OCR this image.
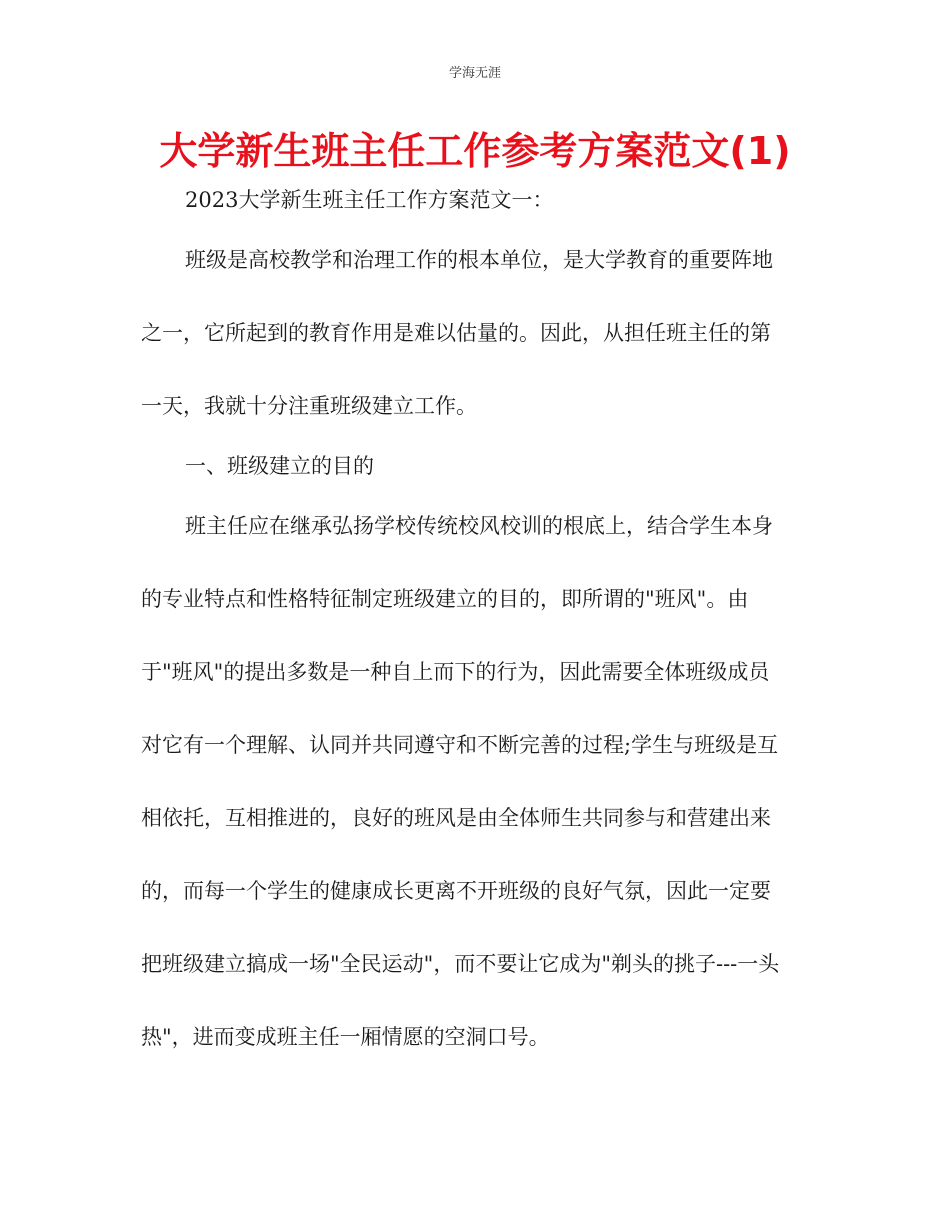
学海无涯
大学新生班主任工作参考方案范文(1)
2023大学新生班主任工作方案范文一：
班级是高校教学和治理工作的根本单位，是大学教育的重要阵地
之一，它所起到的教育作用是难以估量的。因此，从担任班主任的第
一天，我就十分注重班级建立工作。
一、班级建立的目的
班主任应在继承弘扬学校传统校风校训的根底上，结合学生本身
的专业特点和性格特征制定班级建立的目的，即所谓的"班风"。由
于"班风"的提出多数是一种自上而下的行为，因此需要全体班级成员
对它有一个理解、认同并共同遵守和不断完善的过程;学生与班级是互
相依托，互相推进的，良好的班风是由全体师生共同参与和营建出来
的，而每一个学生的健康成长更离不开班级的良好气氛，因此一定要
把班级建立搞成一场"全民运动"，而不要让它成为"剃头的挑子---一头
热"，进而变成班主任一厢情愿的空洞口号。
